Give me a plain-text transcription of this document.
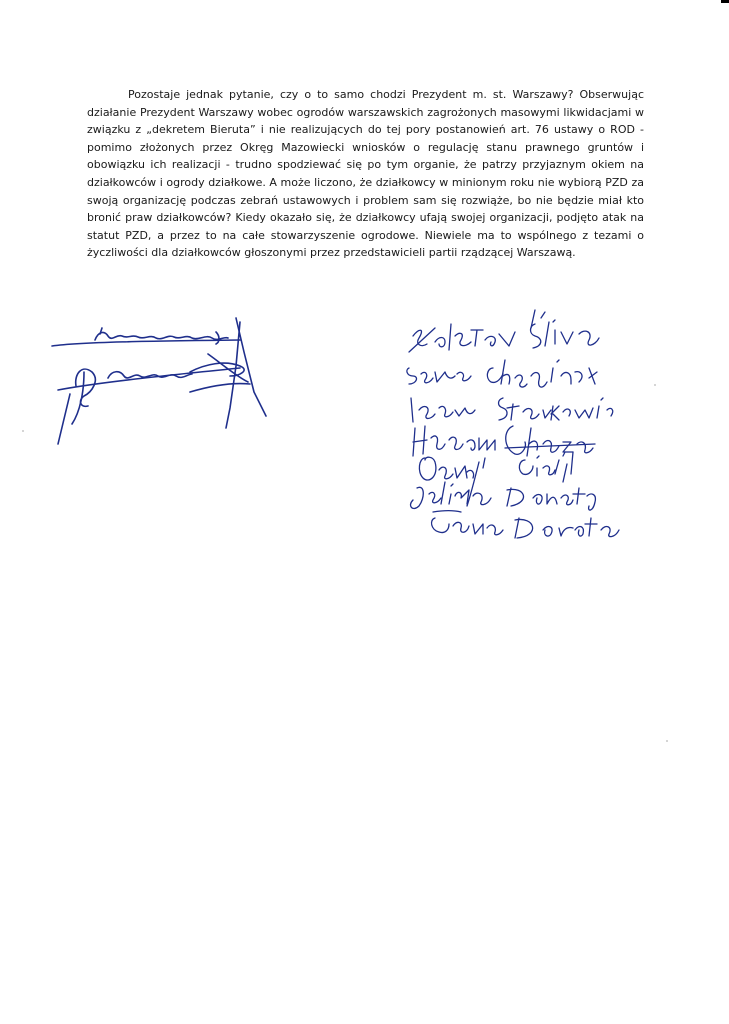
Pozostaje jednak pytanie, czy o to samo chodzi Prezydent m. st. Warszawy? Obserwując działanie Prezydent Warszawy wobec ogrodów warszawskich zagrożonych masowymi likwidacjami w związku z „dekretem Bieruta” i nie realizujących do tej pory postanowień art. 76 ustawy o ROD - pomimo złożonych przez Okręg Mazowiecki wniosków o regulację stanu prawnego gruntów i obowiązku ich realizacji - trudno spodziewać się po tym organie, że patrzy przyjaznym okiem na działkowców i ogrody działkowe. A może liczono, że działkowcy w minionym roku nie wybiorą PZD za swoją organizację podczas zebrań ustawowych i problem sam się rozwiąże, bo nie będzie miał kto bronić praw działkowców? Kiedy okazało się, że działkowcy ufają swojej organizacji, podjęto atak na statut PZD, a przez to na całe stowarzyszenie ogrodowe. Niewiele ma to wspólnego z tezami o życzliwości dla działkowców głoszonymi przez przedstawicieli partii rządzącej Warszawą.
